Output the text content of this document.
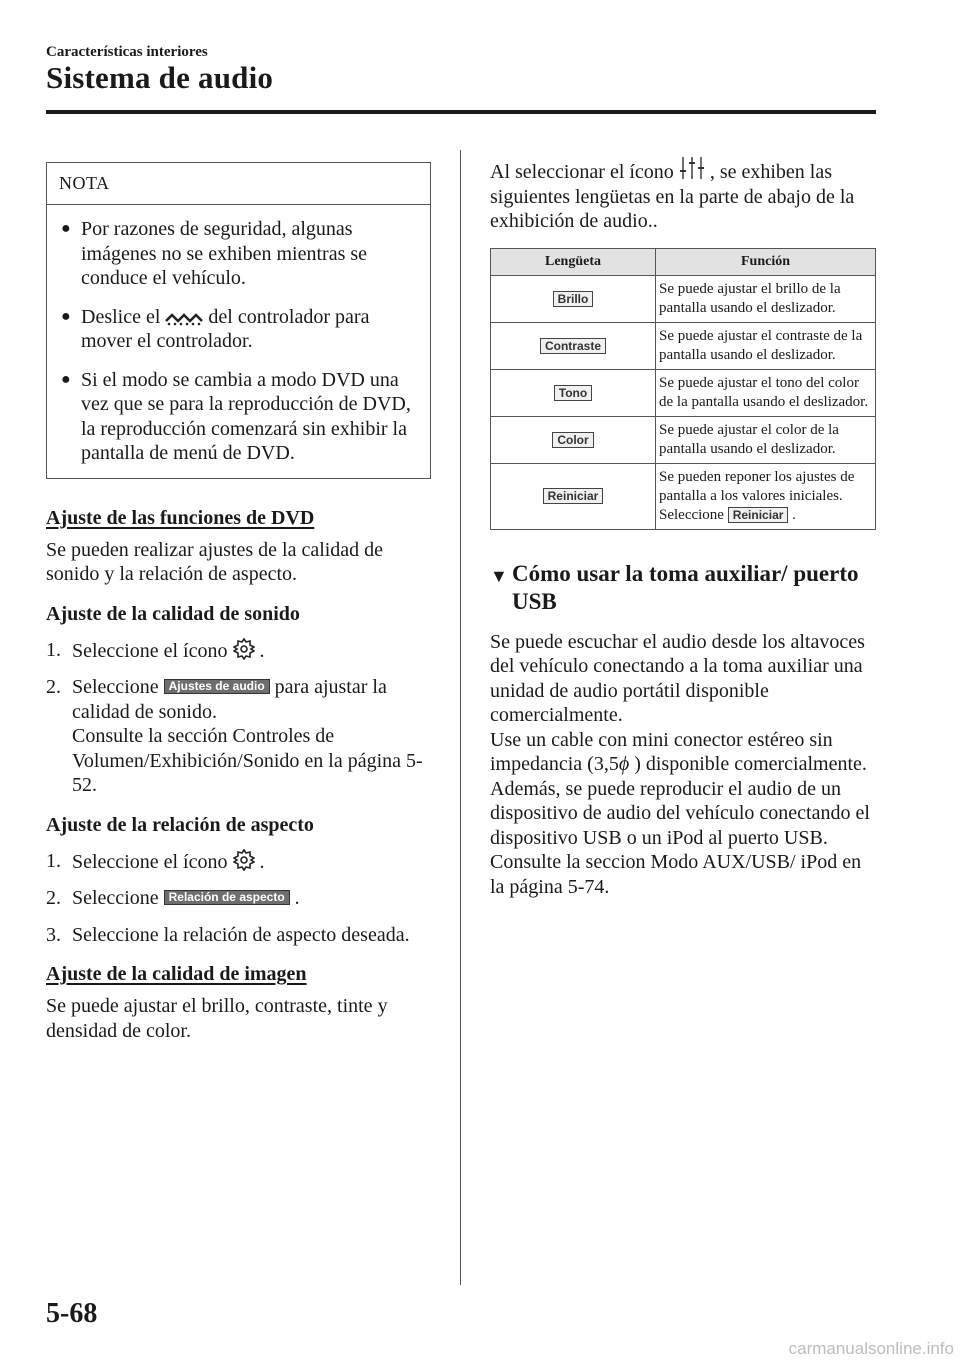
Características interiores
Sistema de audio
NOTA
● Por razones de seguridad, algunas imágenes no se exhiben mientras se conduce el vehículo.
● Deslice el  del controlador para mover el controlador.
● Si el modo se cambia a modo DVD una vez que se para la reproducción de DVD, la reproducción comenzará sin exhibir la pantalla de menú de DVD.
Ajuste de las funciones de DVD
Se pueden realizar ajustes de la calidad de sonido y la relación de aspecto.
Ajuste de la calidad de sonido
1. Seleccione el ícono  .
2. Seleccione Ajustes de audio para ajustar la calidad de sonido.
Consulte la sección Controles de Volumen/Exhibición/Sonido en la página 5-52.
Ajuste de la relación de aspecto
1. Seleccione el ícono  .
2. Seleccione Relación de aspecto .
3. Seleccione la relación de aspecto deseada.
Ajuste de la calidad de imagen
Se puede ajustar el brillo, contraste, tinte y densidad de color.
Al seleccionar el ícono  , se exhiben las siguientes lengüetas en la parte de abajo de la exhibición de audio..
Lengüeta	Función
Brillo	Se puede ajustar el brillo de la pantalla usando el deslizador.
Contraste	Se puede ajustar el contraste de la pantalla usando el deslizador.
Tono	Se puede ajustar el tono del color de la pantalla usando el deslizador.
Color	Se puede ajustar el color de la pantalla usando el deslizador.
Reiniciar	Se pueden reponer los ajustes de pantalla a los valores iniciales.
Seleccione Reiniciar .
▼ Cómo usar la toma auxiliar/ puerto USB
Se puede escuchar el audio desde los altavoces del vehículo conectando a la toma auxiliar una unidad de audio portátil disponible comercialmente.
Use un cable con mini conector estéreo sin impedancia (3,5ϕ ) disponible comercialmente.
Además, se puede reproducir el audio de un dispositivo de audio del vehículo conectando el dispositivo USB o un iPod al puerto USB.
Consulte la seccion Modo AUX/USB/ iPod en la página 5-74.
5-68
carmanualsonline.info
